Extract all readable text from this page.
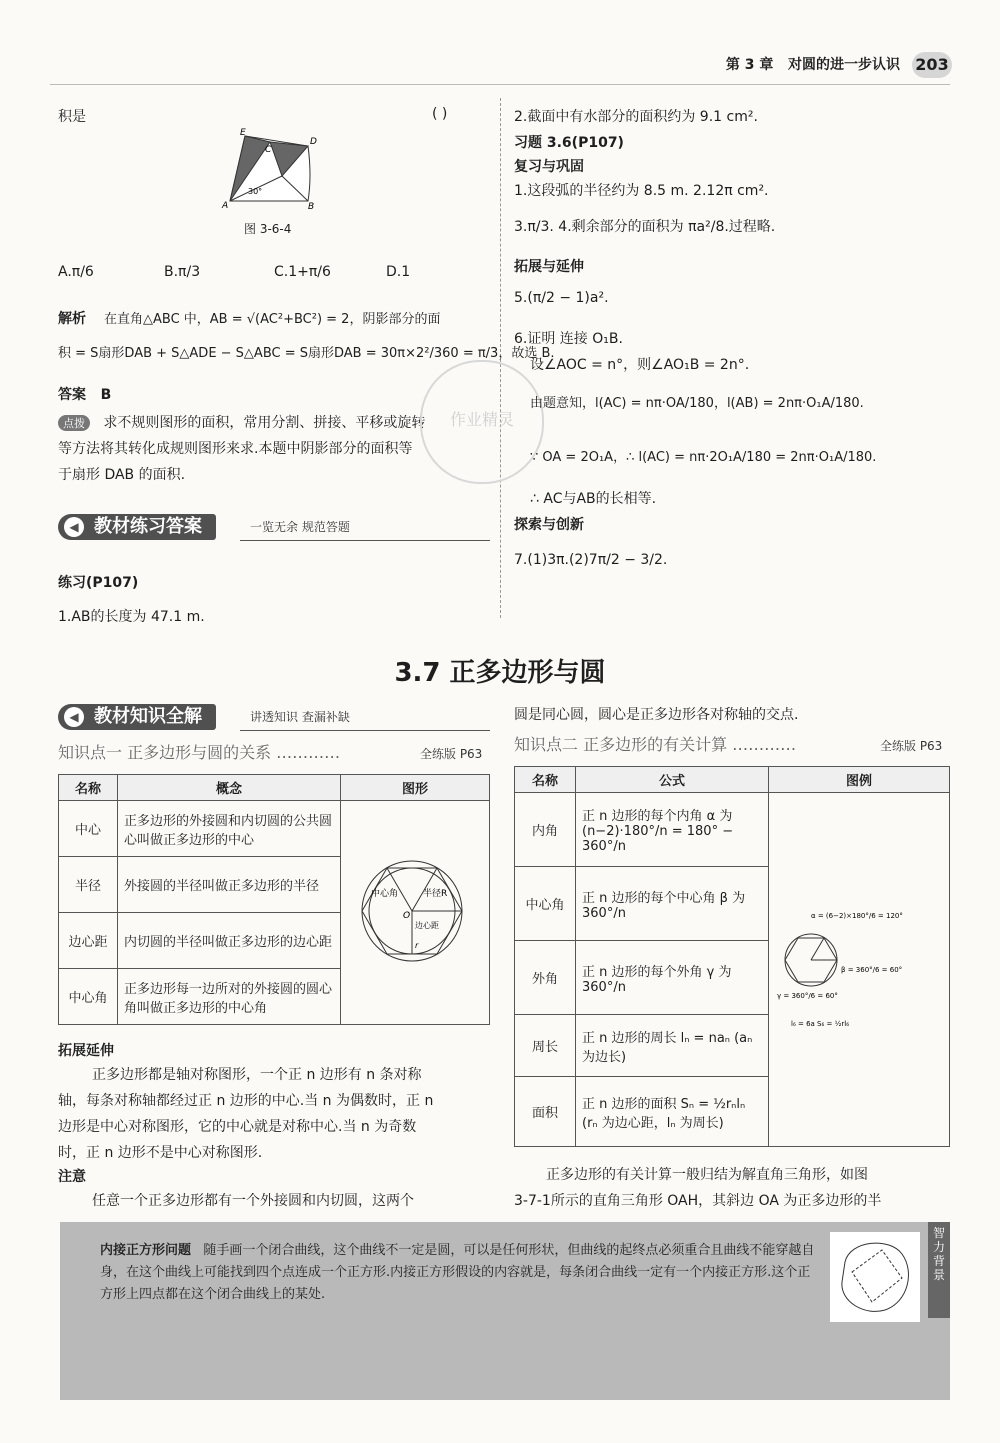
第 3 章 对圆的进一步认识 203
积是	( )
E
C
D
A	B
30°
图 3-6-4
A.π/6	B.π/3	C.1+π/6	D.1
解析 在直角△ABC 中，AB = √(AC²+BC²) = 2，阴影部分的面
积 = S扇形DAB + S△ADE − S△ABC = S扇形DAB = 30π×2²/360 = π/3，故选 B.
答案 B
点拨 求不规则图形的面积，常用分割、拼接、平移或旋转
等方法将其转化成规则图形来求.本题中阴影部分的面积等
于扇形 DAB 的面积.
◀ 教材练习答案	一览无余 规范答题
练习(P107)
1.AB的长度为 47.1 m.
作业精灵
2.截面中有水部分的面积约为 9.1 cm².
习题 3.6(P107)
复习与巩固
1.这段弧的半径约为 8.5 m. 2.12π cm².
3.π/3. 4.剩余部分的面积为 πa²/8.过程略.
拓展与延伸
5.(π/2 − 1)a².
6.证明 连接 O₁B.
设∠AOC = n°，则∠AO₁B = 2n°.
由题意知，l(AC) = nπ·OA/180，l(AB) = 2nπ·O₁A/180.
∵ OA = 2O₁A，∴ l(AC) = nπ·2O₁A/180 = 2nπ·O₁A/180.
∴ AC与AB的长相等.
探索与创新
7.(1)3π.(2)7π/2 − 3/2.
3.7 正多边形与圆
◀ 教材知识全解	讲透知识 查漏补缺	圆是同心圆，圆心是正多边形各对称轴的交点.
知识点一 正多边形与圆的关系 …………	全练版 P63
名称	概念	图形
中心	正多边形的外接圆和内切圆的公共圆心叫做正多边形的中心	中心角 半径R
O
边心距
r

半径	外接圆的半径叫做正多边形的半径	
边心距	内切圆的半径叫做正多边形的边心距	
中心角	正多边形每一边所对的外接圆的圆心角叫做正多边形的中心角	
拓展延伸
正多边形都是轴对称图形，一个正 n 边形有 n 条对称
轴，每条对称轴都经过正 n 边形的中心.当 n 为偶数时，正 n
边形是中心对称图形，它的中心就是对称中心.当 n 为奇数
时，正 n 边形不是中心对称图形.
注意
任意一个正多边形都有一个外接圆和内切圆，这两个
知识点二 正多边形的有关计算 …………	全练版 P63
名称	公式	图例
内角	正 n 边形的每个内角 α 为 (n−2)·180°/n = 180° − 360°/n	α = (6−2)×180°/6 = 120°
β = 360°/6 = 60°
γ = 360°/6 = 60°
l₆ = 6a S₆ = ½rl₆

中心角	正 n 边形的每个中心角 β 为 360°/n	
外角	正 n 边形的每个外角 γ 为 360°/n	
周长	正 n 边形的周长 lₙ = naₙ (aₙ 为边长)	
面积	正 n 边形的面积 Sₙ = ½rₙlₙ (rₙ 为边心距，lₙ 为周长)	
正多边形的有关计算一般归结为解直角三角形，如图
3-7-1所示的直角三角形 OAH，其斜边 OA 为正多边形的半
内接正方形问题 随手画一个闭合曲线，这个曲线不一定是圆，可以是任何形状，但曲线的起终点必须重合且曲线不能穿越自身，在这个曲线上可能找到四个点连成一个正方形.内接正方形假设的内容就是，每条闭合曲线一定有一个内接正方形.这个正方形上四点都在这个闭合曲线上的某处.
智力背景
